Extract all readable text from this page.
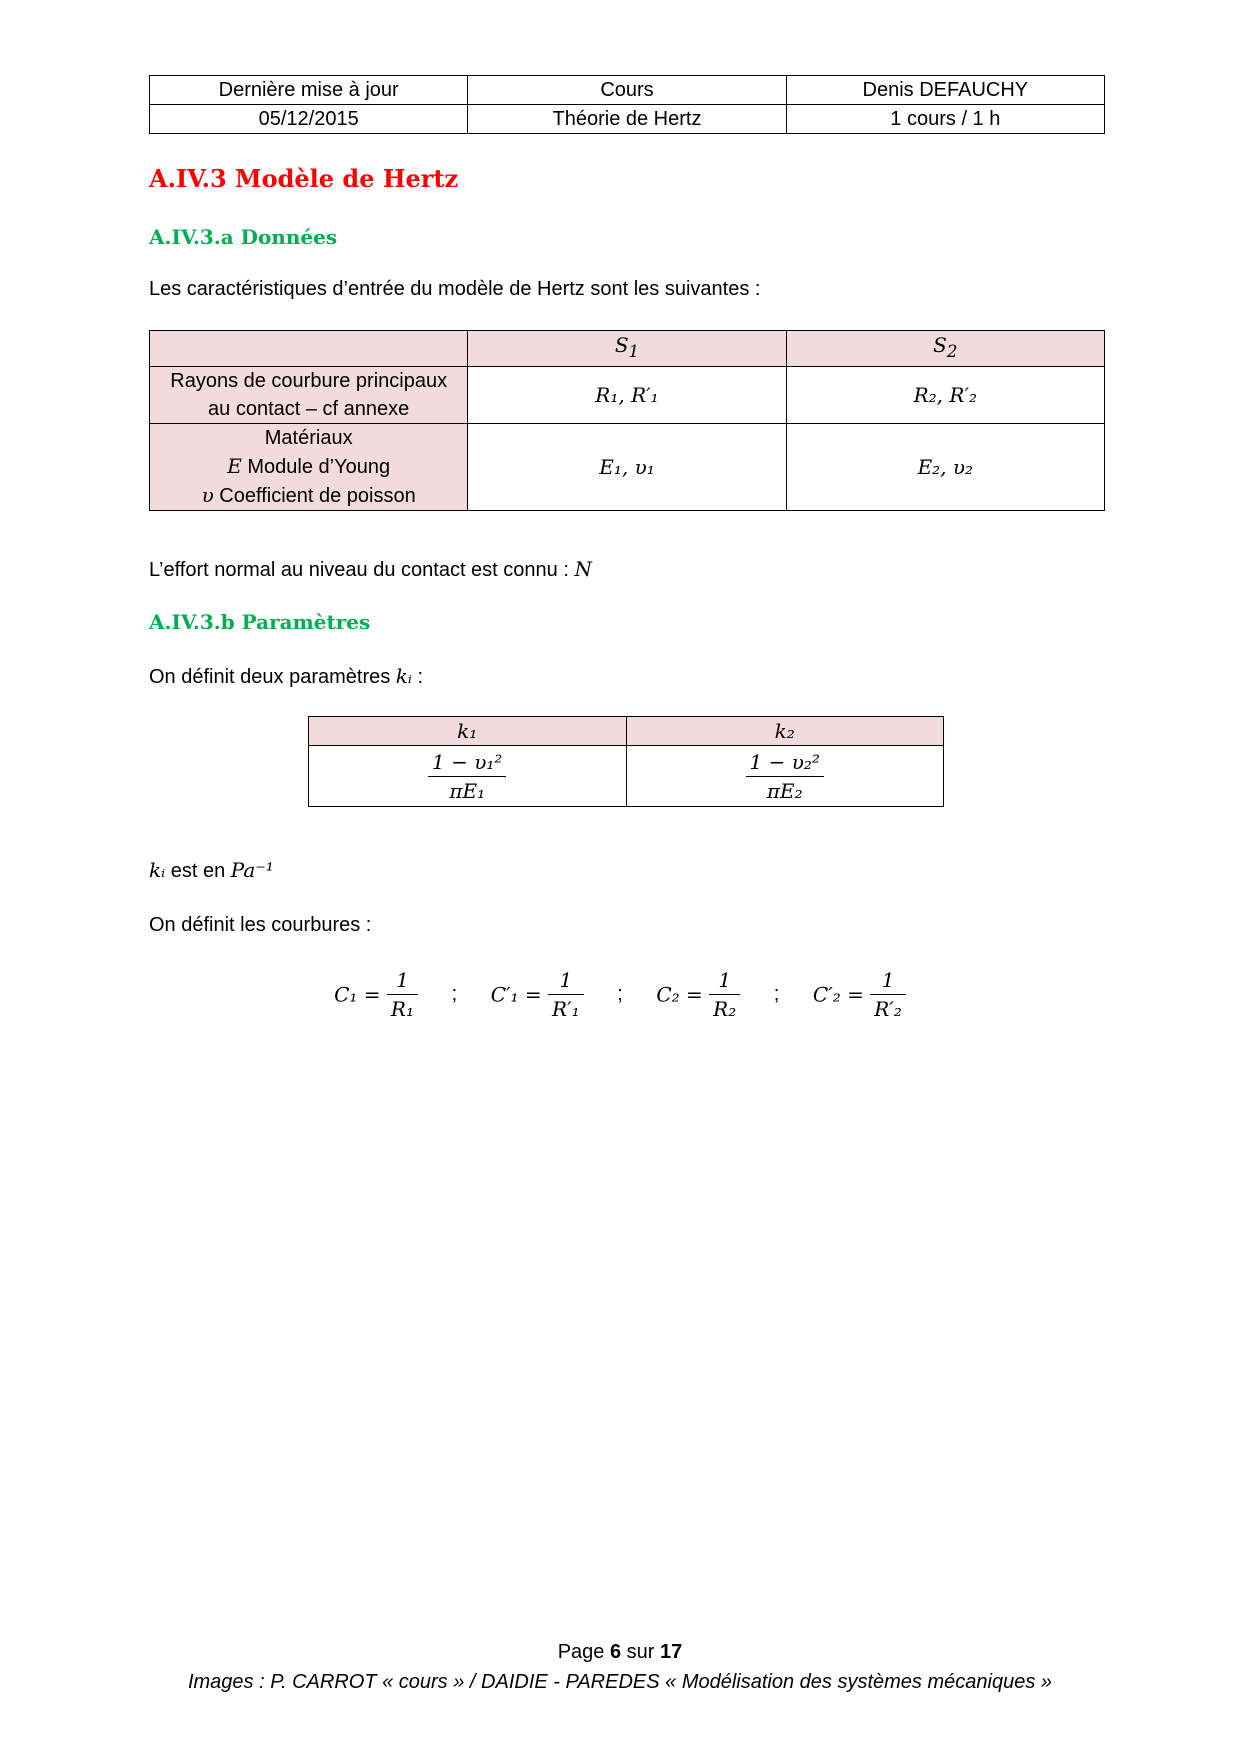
Dernière mise à jour	Cours	Denis DEFAUCHY
05/12/2015	Théorie de Hertz	1 cours / 1 h
A.IV.3 Modèle de Hertz
A.IV.3.a Données

Les caractéristiques d’entrée du modèle de Hertz sont les suivantes :

	$S_1$	$S_2$

Rayons de courbure principaux
au contact – cf annexe	R₁, R′₁	R₂, R′₂

Matériaux
E Module d’Young
υ Coefficient de poisson	E₁, υ₁	E₂, υ₂

L’effort normal au niveau du contact est connu : N

A.IV.3.b Paramètres

On définit deux paramètres kᵢ :

k₁	k₂

$\frac{\text{1 − υ₁²}}{\text{πE₁}}$	$\frac{\text{1 − υ₂²}}{\text{πE₂}}$

kᵢ est en Pa⁻¹

On définit les courbures :

$C_1 = \frac{1}{\text{R₁}}$ ; $C'_1 = \frac{1}{\text{R′₁}}$ ; $C_2 = \frac{1}{\text{R₂}}$ ; $C'_2 = \frac{1}{\text{R′₂}}$
Page 6 sur 17
Images : P. CARROT « cours » / DAIDIE - PAREDES « Modélisation des systèmes mécaniques »
